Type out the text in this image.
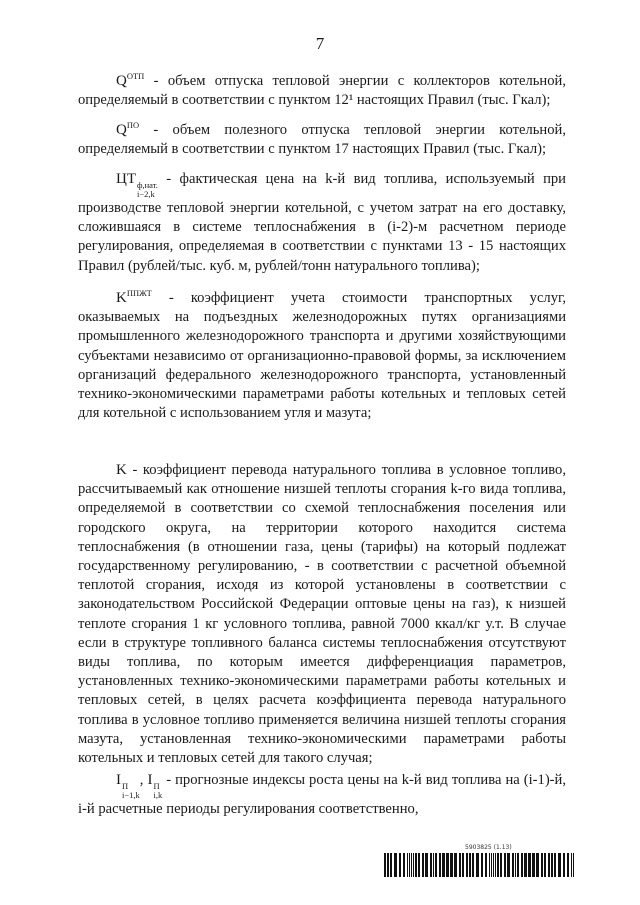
7

$Q^{ОТП}$ - объем отпуска тепловой энергии с коллекторов котельной, определяемый в соответствии с пунктом 12¹ настоящих Правил (тыс. Гкал);

$Q^{ПО}$ - объем полезного отпуска тепловой энергии котельной, определяемый в соответствии с пунктом 17 настоящих Правил (тыс. Гкал);

ЦТ ф,нат.
i−2,k
- фактическая цена на k-й вид топлива, используемый при производстве тепловой энергии котельной, с учетом затрат на его доставку, сложившаяся в системе теплоснабжения в (i-2)-м расчетном периоде регулирования, определяемая в соответствии с пунктами 13 - 15 настоящих Правил (рублей/тыс. куб. м, рублей/тонн натурального топлива);

$K^{ППЖТ}$ - коэффициент учета стоимости транспортных услуг, оказываемых на подъездных железнодорожных путях организациями промышленного железнодорожного транспорта и другими хозяйствующими субъектами независимо от организационно-правовой формы, за исключением организаций федерального железнодорожного транспорта, установленный технико-экономическими параметрами работы котельных и тепловых сетей для котельной с использованием угля и мазута;

K - коэффициент перевода натурального топлива в условное топливо, рассчитываемый как отношение низшей теплоты сгорания k-го вида топлива, определяемой в соответствии со схемой теплоснабжения поселения или городского округа, на территории которого находится система теплоснабжения (в отношении газа, цены (тарифы) на который подлежат государственному регулированию, - в соответствии с расчетной объемной теплотой сгорания, исходя из которой установлены в соответствии с законодательством Российской Федерации оптовые цены на газ), к низшей теплоте сгорания 1 кг условного топлива, равной 7000 ккал/кг у.т. В случае если в структуре топливного баланса системы теплоснабжения отсутствуют виды топлива, по которым имеется дифференциация параметров, установленных технико-экономическими параметрами работы котельных и тепловых сетей, в целях расчета коэффициента перевода натурального топлива в условное топливо применяется величина низшей теплоты сгорания мазута, установленная технико-экономическими параметрами работы котельных и тепловых сетей для такого случая;

I П
i−1,k
, I П
i,k
- прогнозные индексы роста цены на k-й вид топлива на (i-1)-й, i-й расчетные периоды регулирования соответственно,

5903825 (1.13)
